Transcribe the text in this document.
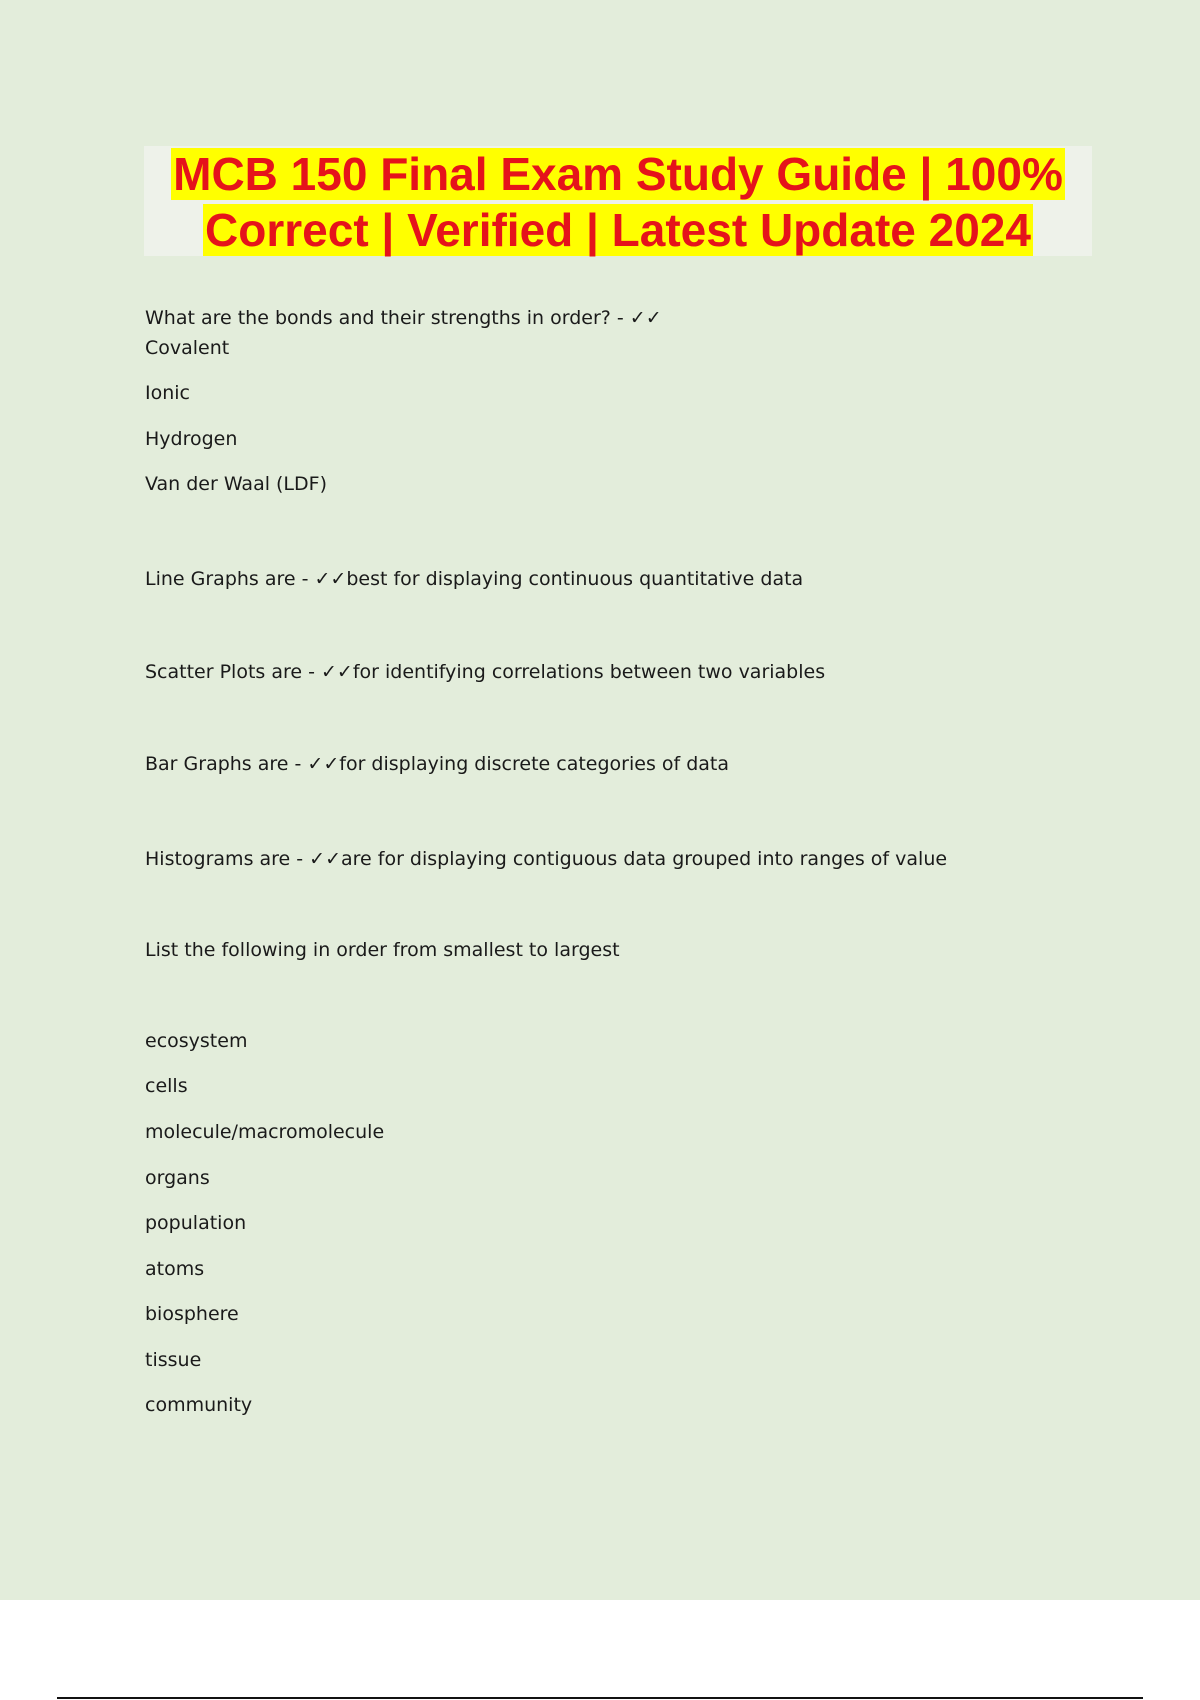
MCB 150 Final Exam Study Guide | 100%
Correct | Verified | Latest Update 2024
What are the bonds and their strengths in order? - ✓✓
Covalent
Ionic
Hydrogen
Van der Waal (LDF)
Line Graphs are - ✓✓best for displaying continuous quantitative data
Scatter Plots are - ✓✓for identifying correlations between two variables
Bar Graphs are - ✓✓for displaying discrete categories of data
Histograms are - ✓✓are for displaying contiguous data grouped into ranges of value
List the following in order from smallest to largest
ecosystem
cells
molecule/macromolecule
organs
population
atoms
biosphere
tissue
community
